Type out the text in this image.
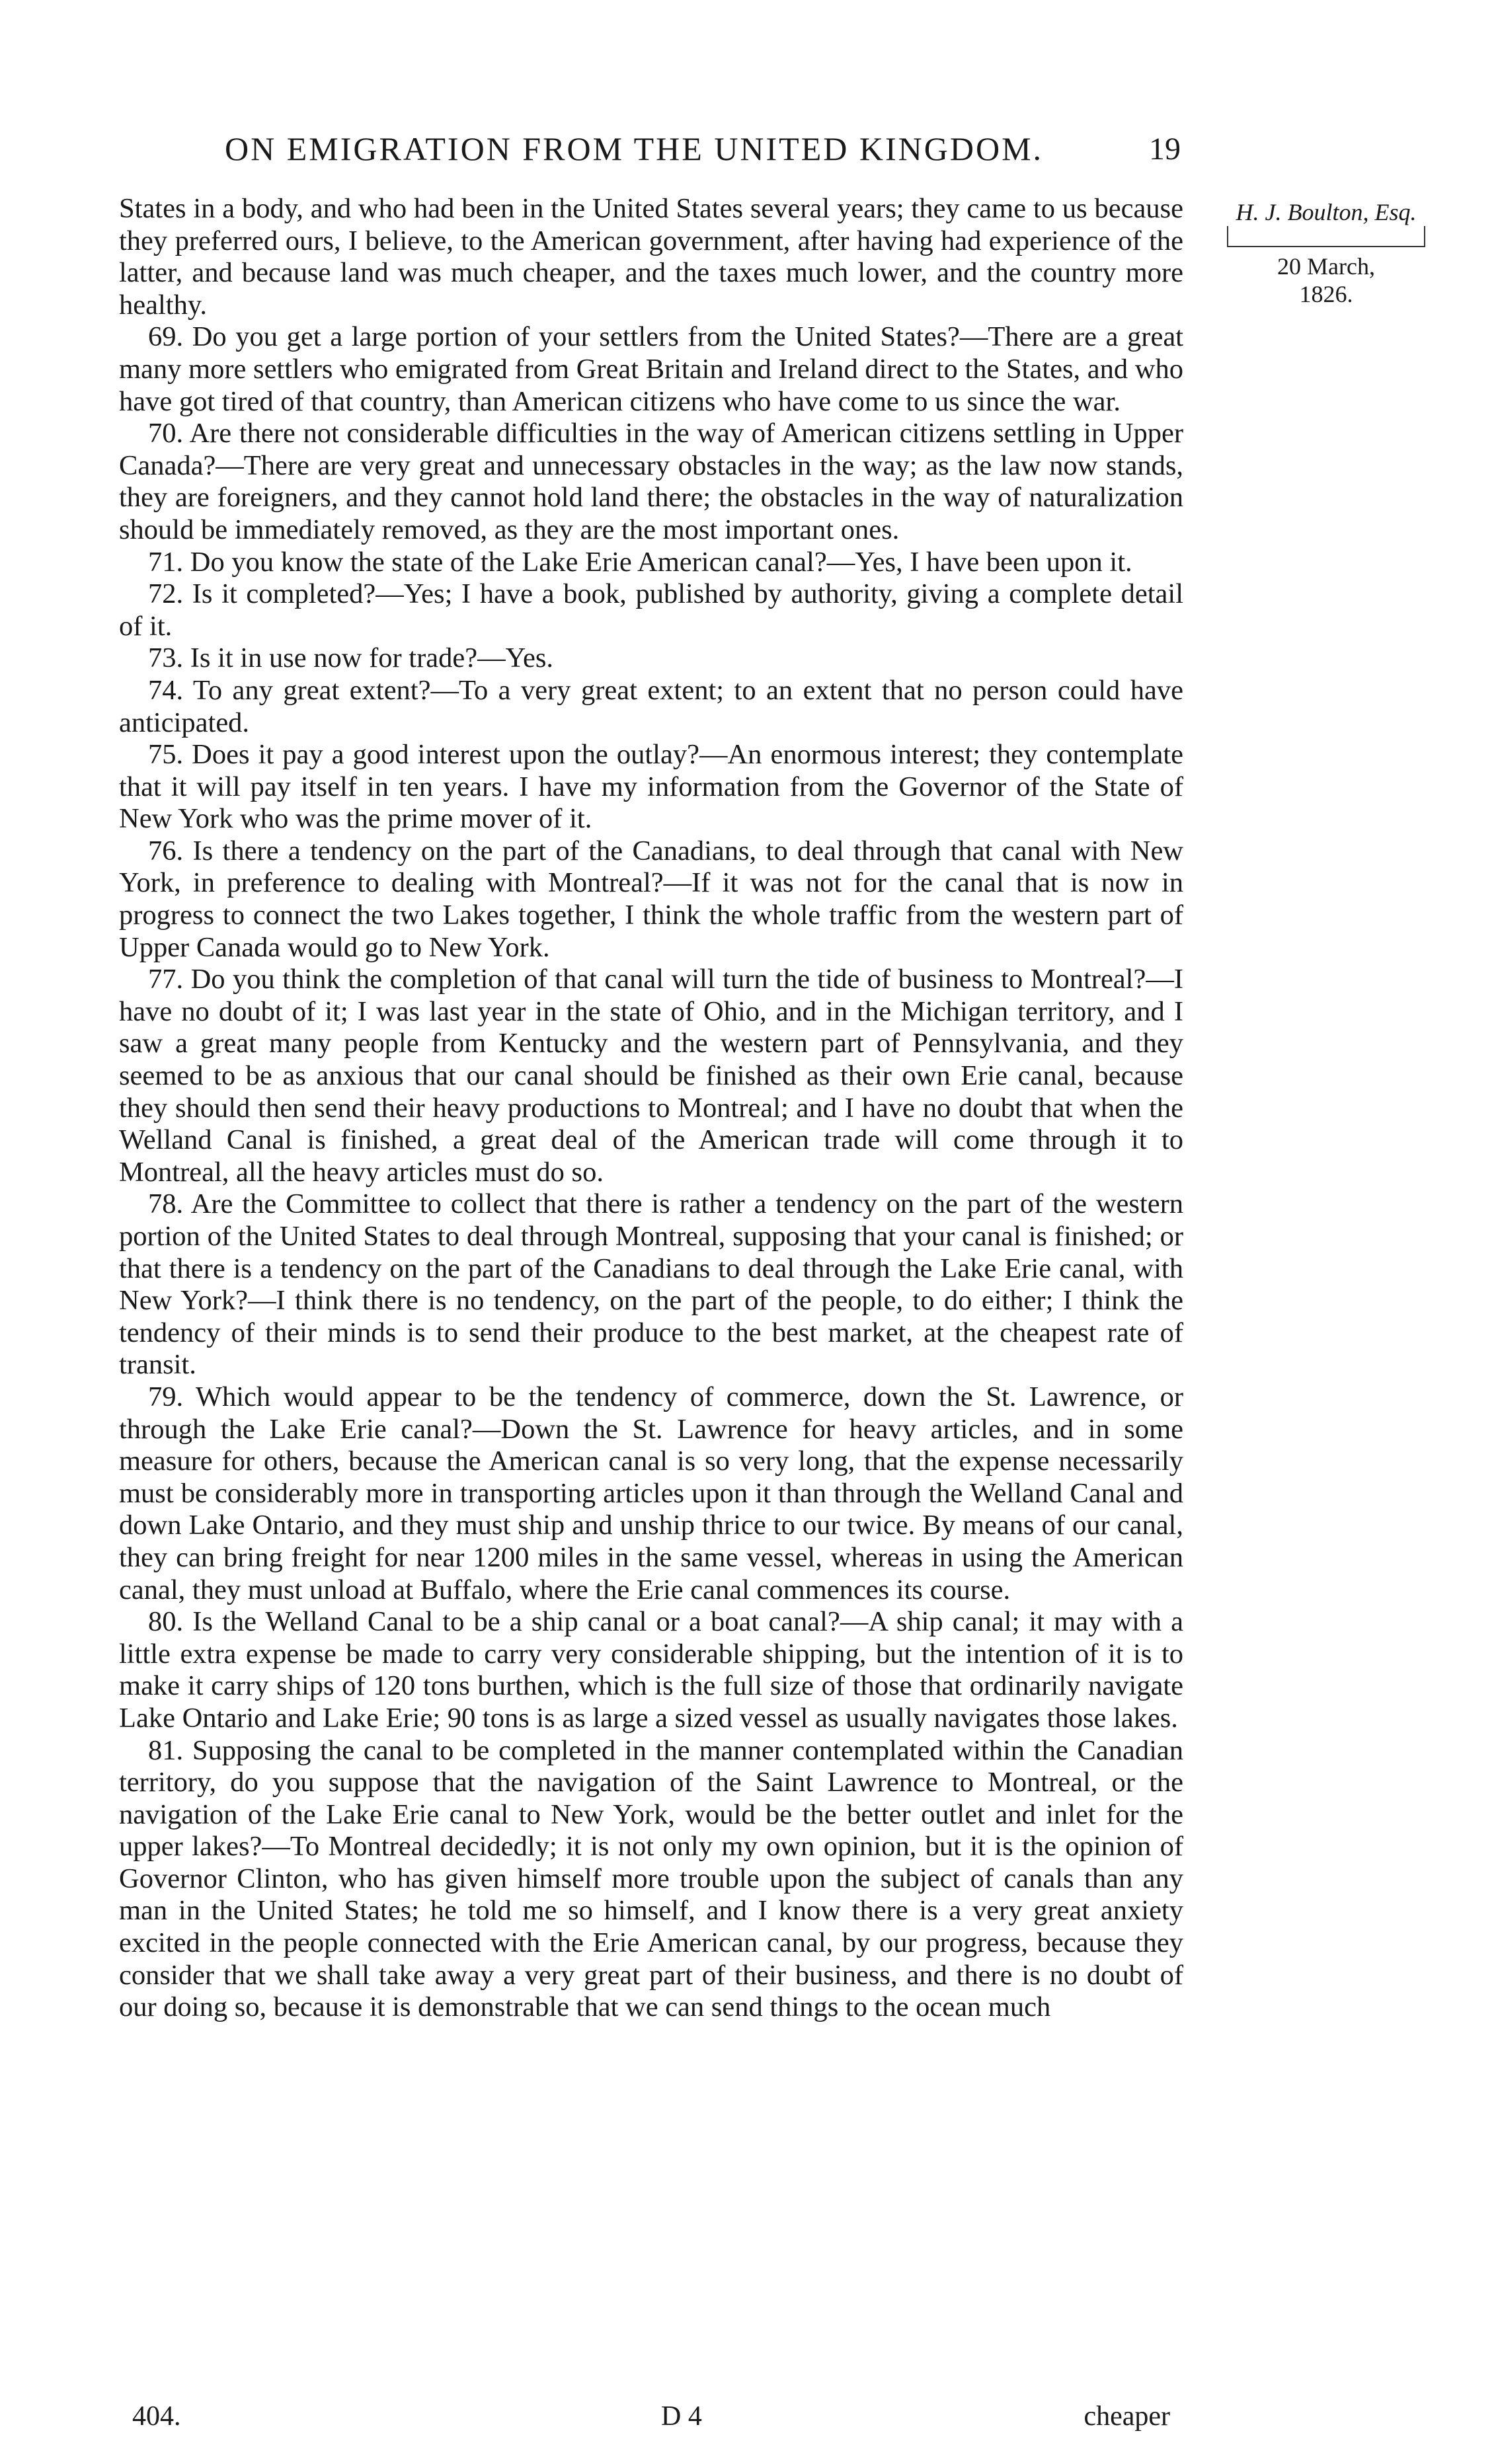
ON EMIGRATION FROM THE UNITED KINGDOM.	19
H. J. Boulton, Esq.
20 March,
1826.

States in a body, and who had been in the United States several years; they came to us because they preferred ours, I believe, to the American government, after having had experience of the latter, and because land was much cheaper, and the taxes much lower, and the country more healthy.

69. Do you get a large portion of your settlers from the United States?—There are a great many more settlers who emigrated from Great Britain and Ireland direct to the States, and who have got tired of that country, than American citizens who have come to us since the war.

70. Are there not considerable difficulties in the way of American citizens settling in Upper Canada?—There are very great and unnecessary obstacles in the way; as the law now stands, they are foreigners, and they cannot hold land there; the obstacles in the way of naturalization should be immediately removed, as they are the most important ones.

71. Do you know the state of the Lake Erie American canal?—Yes, I have been upon it.

72. Is it completed?—Yes; I have a book, published by authority, giving a complete detail of it.

73. Is it in use now for trade?—Yes.

74. To any great extent?—To a very great extent; to an extent that no person could have anticipated.

75. Does it pay a good interest upon the outlay?—An enormous interest; they contemplate that it will pay itself in ten years. I have my information from the Governor of the State of New York who was the prime mover of it.

76. Is there a tendency on the part of the Canadians, to deal through that canal with New York, in preference to dealing with Montreal?—If it was not for the canal that is now in progress to connect the two Lakes together, I think the whole traffic from the western part of Upper Canada would go to New York.

77. Do you think the completion of that canal will turn the tide of business to Montreal?—I have no doubt of it; I was last year in the state of Ohio, and in the Michigan territory, and I saw a great many people from Kentucky and the western part of Pennsylvania, and they seemed to be as anxious that our canal should be finished as their own Erie canal, because they should then send their heavy productions to Montreal; and I have no doubt that when the Welland Canal is finished, a great deal of the American trade will come through it to Montreal, all the heavy articles must do so.

78. Are the Committee to collect that there is rather a tendency on the part of the western portion of the United States to deal through Montreal, supposing that your canal is finished; or that there is a tendency on the part of the Canadians to deal through the Lake Erie canal, with New York?—I think there is no tendency, on the part of the people, to do either; I think the tendency of their minds is to send their produce to the best market, at the cheapest rate of transit.

79. Which would appear to be the tendency of commerce, down the St. Lawrence, or through the Lake Erie canal?—Down the St. Lawrence for heavy articles, and in some measure for others, because the American canal is so very long, that the expense necessarily must be considerably more in transporting articles upon it than through the Welland Canal and down Lake Ontario, and they must ship and unship thrice to our twice. By means of our canal, they can bring freight for near 1200 miles in the same vessel, whereas in using the American canal, they must unload at Buffalo, where the Erie canal commences its course.

80. Is the Welland Canal to be a ship canal or a boat canal?—A ship canal; it may with a little extra expense be made to carry very considerable shipping, but the intention of it is to make it carry ships of 120 tons burthen, which is the full size of those that ordinarily navigate Lake Ontario and Lake Erie; 90 tons is as large a sized vessel as usually navigates those lakes.

81. Supposing the canal to be completed in the manner contemplated within the Canadian territory, do you suppose that the navigation of the Saint Lawrence to Montreal, or the navigation of the Lake Erie canal to New York, would be the better outlet and inlet for the upper lakes?—To Montreal decidedly; it is not only my own opinion, but it is the opinion of Governor Clinton, who has given himself more trouble upon the subject of canals than any man in the United States; he told me so himself, and I know there is a very great anxiety excited in the people connected with the Erie American canal, by our progress, because they consider that we shall take away a very great part of their business, and there is no doubt of our doing so, because it is demonstrable that we can send things to the ocean much

404.	D 4	cheaper
